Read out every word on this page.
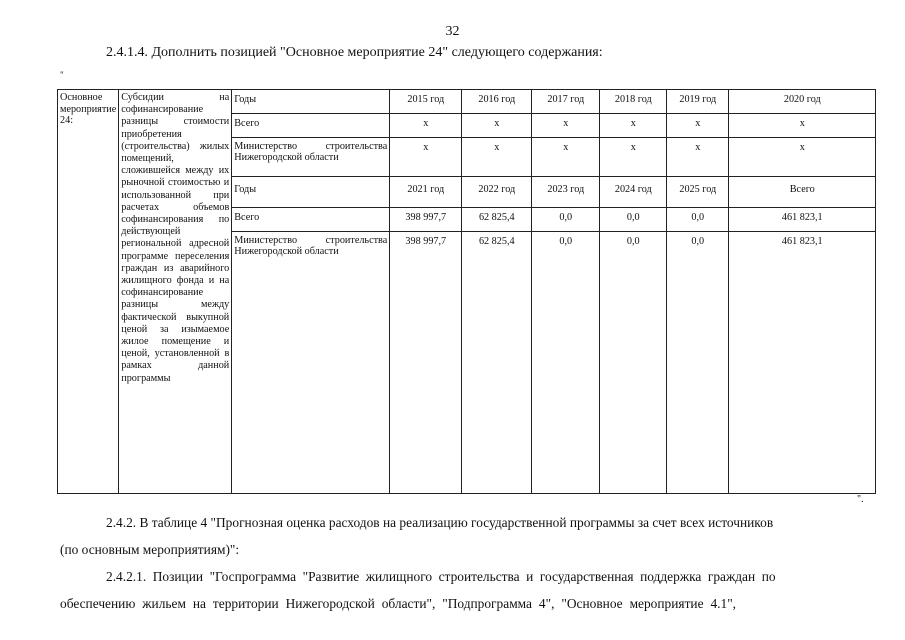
32
2.4.1.4. Дополнить позицией "Основное мероприятие 24" следующего содержания:
"
Основное мероприятие 24:	Субсидии на софинансирование разницы стоимости приобретения (строительства) жилых помещений, сложившейся между их рыночной стоимостью и использованной при расчетах объемов софинансирования по действующей региональной адресной программе переселения граждан из аварийного жилищного фонда и на софинансирование разницы между фактической выкупной ценой за изымаемое жилое помещение и ценой, установленной в рамках данной программы	Годы	2015 год	2016 год	2017 год	2018 год	2019 год	2020 год
		Всего	х	х	х	х	х	х
		Министерство строительства Нижегородской области	х	х	х	х	х	х
		Годы	2021 год	2022 год	2023 год	2024 год	2025 год	Всего
		Всего	398 997,7	62 825,4	0,0	0,0	0,0	461 823,1
		Министерство строительства Нижегородской области	398 997,7	62 825,4	0,0	0,0	0,0	461 823,1
".
2.4.2. В таблице 4 "Прогнозная оценка расходов на реализацию государственной программы за счет всех источников
(по основным мероприятиям)":
2.4.2.1. Позиции "Госпрограмма "Развитие жилищного строительства и государственная поддержка граждан по
обеспечению жильем на территории Нижегородской области", "Подпрограмма 4", "Основное мероприятие 4.1",
